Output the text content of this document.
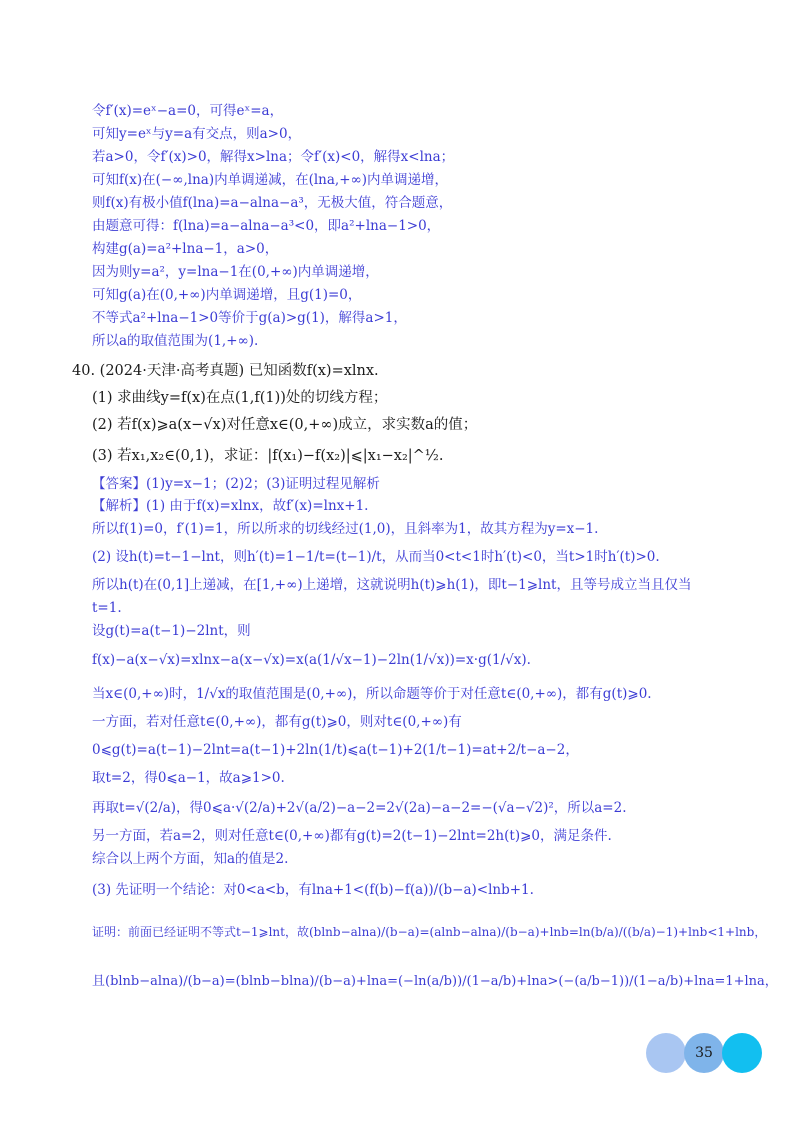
令f′(x)=eˣ−a=0，可得eˣ=a，
可知y=eˣ与y=a有交点，则a>0，
若a>0，令f′(x)>0，解得x>lna；令f′(x)<0，解得x<lna；
可知f(x)在(−∞,lna)内单调递减，在(lna,+∞)内单调递增，
则f(x)有极小值f(lna)=a−alna−a³，无极大值，符合题意，
由题意可得：f(lna)=a−alna−a³<0，即a²+lna−1>0，
构建g(a)=a²+lna−1，a>0，
因为则y=a²，y=lna−1在(0,+∞)内单调递增，
可知g(a)在(0,+∞)内单调递增，且g(1)=0，
不等式a²+lna−1>0等价于g(a)>g(1)，解得a>1，
所以a的取值范围为(1,+∞).
40. (2024·天津·高考真题) 已知函数f(x)=xlnx.
(1) 求曲线y=f(x)在点(1,f(1))处的切线方程；
(2) 若f(x)⩾a(x−√x)对任意x∈(0,+∞)成立，求实数a的值；
(3) 若x₁,x₂∈(0,1)，求证：|f(x₁)−f(x₂)|⩽|x₁−x₂|^½.
【答案】(1)y=x−1；(2)2；(3)证明过程见解析
【解析】(1) 由于f(x)=xlnx，故f′(x)=lnx+1.
所以f(1)=0，f′(1)=1，所以所求的切线经过(1,0)，且斜率为1，故其方程为y=x−1.
(2) 设h(t)=t−1−lnt，则h′(t)=1−1/t=(t−1)/t，从而当0<t<1时h′(t)<0，当t>1时h′(t)>0.
所以h(t)在(0,1]上递减，在[1,+∞)上递增，这就说明h(t)⩾h(1)，即t−1⩾lnt，且等号成立当且仅当
t=1.
设g(t)=a(t−1)−2lnt，则
f(x)−a(x−√x)=xlnx−a(x−√x)=x(a(1/√x−1)−2ln(1/√x))=x·g(1/√x).
当x∈(0,+∞)时，1/√x的取值范围是(0,+∞)，所以命题等价于对任意t∈(0,+∞)，都有g(t)⩾0.
一方面，若对任意t∈(0,+∞)，都有g(t)⩾0，则对t∈(0,+∞)有
0⩽g(t)=a(t−1)−2lnt=a(t−1)+2ln(1/t)⩽a(t−1)+2(1/t−1)=at+2/t−a−2，
取t=2，得0⩽a−1，故a⩾1>0.
再取t=√(2/a)，得0⩽a·√(2/a)+2√(a/2)−a−2=2√(2a)−a−2=−(√a−√2)²，所以a=2.
另一方面，若a=2，则对任意t∈(0,+∞)都有g(t)=2(t−1)−2lnt=2h(t)⩾0，满足条件.
综合以上两个方面，知a的值是2.
(3) 先证明一个结论：对0<a<b，有lna+1<(f(b)−f(a))/(b−a)<lnb+1.
证明：前面已经证明不等式t−1⩾lnt，故(blnb−alna)/(b−a)=(alnb−alna)/(b−a)+lnb=ln(b/a)/((b/a)−1)+lnb<1+lnb，
且(blnb−alna)/(b−a)=(blnb−blna)/(b−a)+lna=(−ln(a/b))/(1−a/b)+lna>(−(a/b−1))/(1−a/b)+lna=1+lna，
35
